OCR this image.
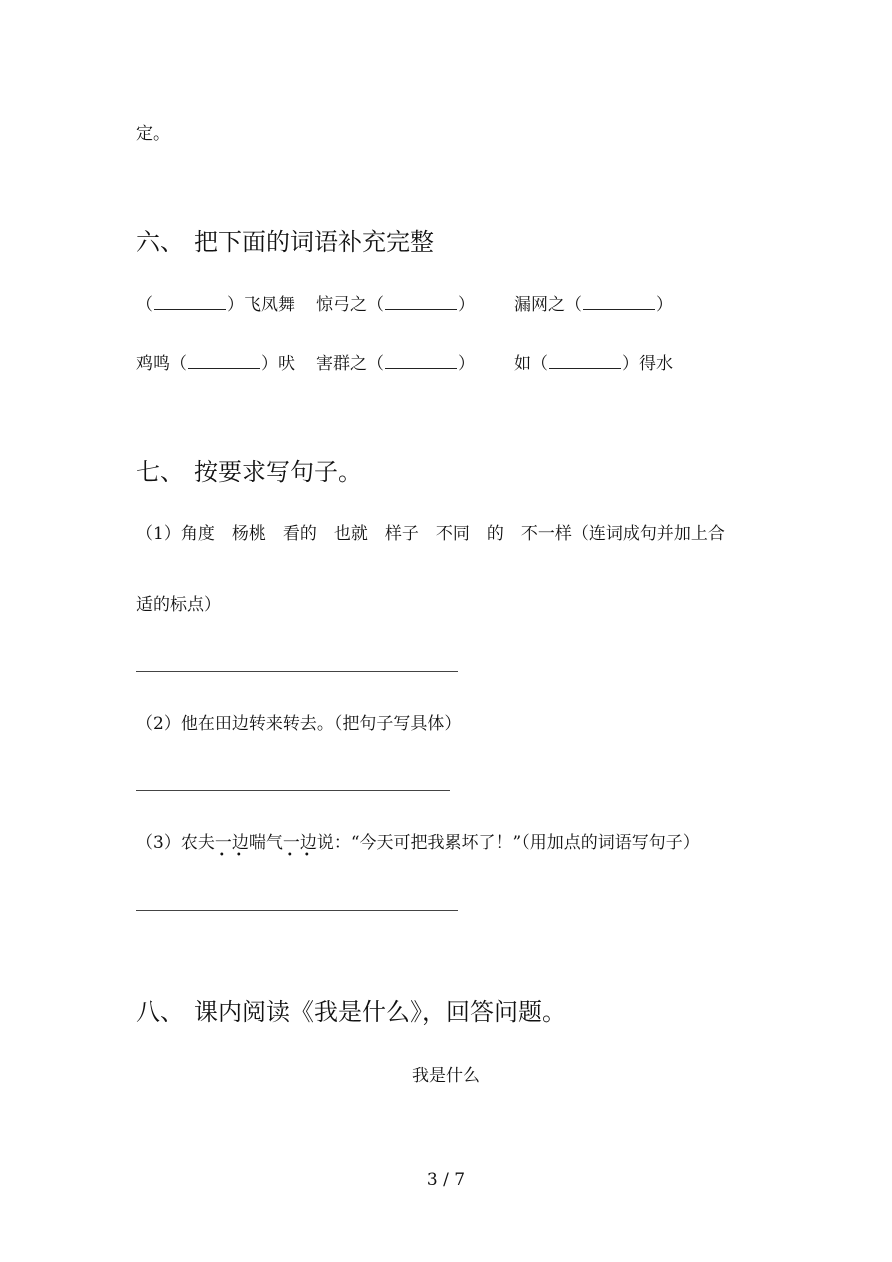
定。
六、 把下面的词语补充完整
（	）飞凤舞 惊弓之（	） 漏网之（	）
鸡鸣（	）吠 害群之（	） 如（	）得水
七、 按要求写句子。
（1）角度　杨桃　看的　也就　样子　不同　的　不一样（连词成句并加上合
适的标点）
（2）他在田边转来转去。（把句子写具体）
（3）农夫一边
• •
喘气一边
• •
说：“今天可把我累坏了！”（用加点的词语写句子）
八、 课内阅读《我是什么》，回答问题。
我是什么
3 / 7
